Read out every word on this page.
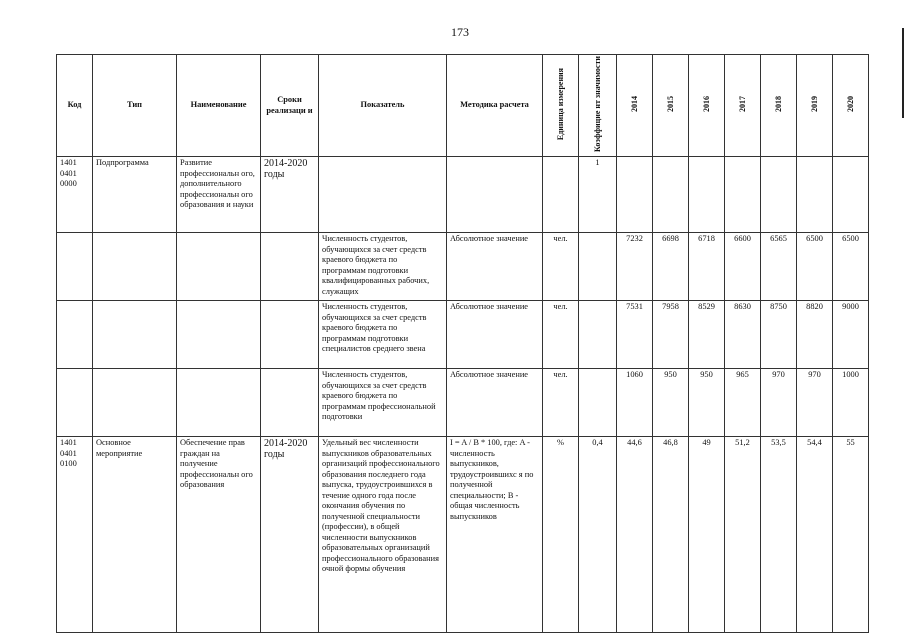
173
Код	Тип	Наименование	Сроки реализаци и	Показатель	Методика расчета	Единица измерения	Коэффицие нт значимости	2014	2015	2016	2017	2018	2019	2020
1401 0401 0000	Подпрограмма	Развитие профессиональн ого, дополнительного профессиональн ого образования и науки	2014-2020 годы				1							
				Численность студентов, обучающихся за счет средств краевого бюджета по программам подготовки квалифицированных рабочих, служащих	Абсолютное значение	чел.		7232	6698	6718	6600	6565	6500	6500
				Численность студентов, обучающихся за счет средств краевого бюджета по программам подготовки специалистов среднего звена	Абсолютное значение	чел.		7531	7958	8529	8630	8750	8820	9000
				Численность студентов, обучающихся за счет средств краевого бюджета по программам профессиональной подготовки	Абсолютное значение	чел.		1060	950	950	965	970	970	1000
1401 0401 0100	Основное мероприятие	Обеспечение прав граждан на получение профессиональн ого образования	2014-2020 годы	Удельный вес численности выпускников образовательных организаций профессионального образования последнего года выпуска, трудоустроившихся в течение одного года после окончания обучения по полученной специальности (профессии), в общей численности выпускников образовательных организаций профессионального образования очной формы обучения	I = A / B * 100, где: A - численность выпускников, трудоустроившихс я по полученной специальности; B - общая численность выпускников	%	0,4	44,6	46,8	49	51,2	53,5	54,4	55
